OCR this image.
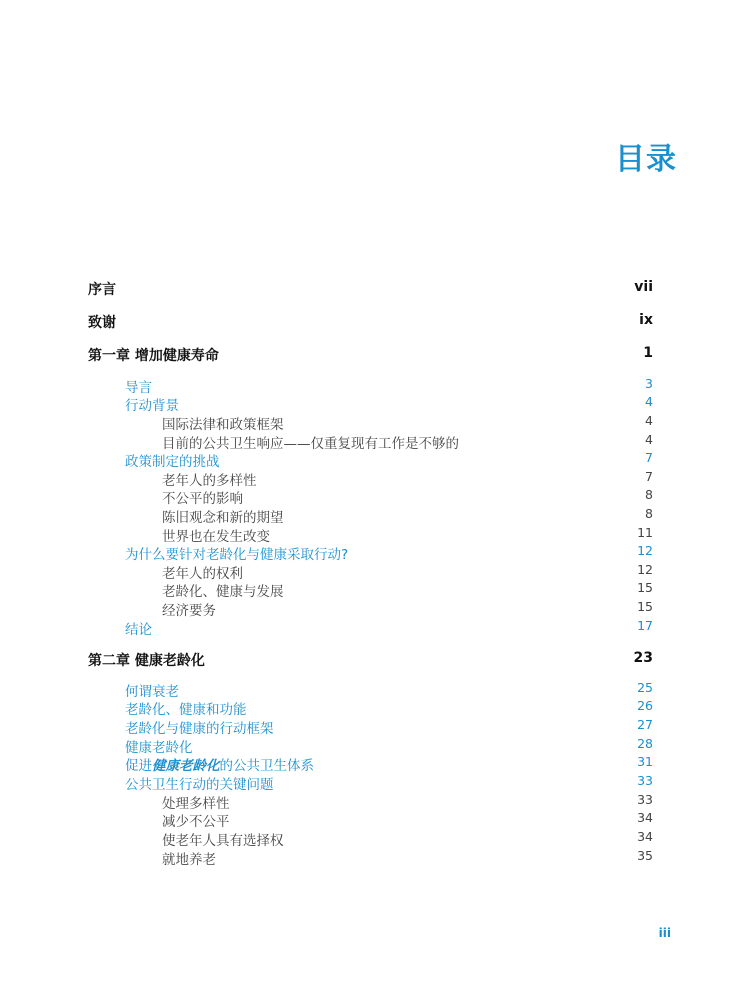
目录
序言	vii
致谢	ix
第一章 增加健康寿命	1
导言	3
行动背景	4
国际法律和政策框架	4
目前的公共卫生响应——仅重复现有工作是不够的	4
政策制定的挑战	7
老年人的多样性	7
不公平的影响	8
陈旧观念和新的期望	8
世界也在发生改变	11
为什么要针对老龄化与健康采取行动?	12
老年人的权利	12
老龄化、健康与发展	15
经济要务	15
结论	17
第二章 健康老龄化	23
何谓衰老	25
老龄化、健康和功能	26
老龄化与健康的行动框架	27
健康老龄化	28
促进健康老龄化的公共卫生体系	31
公共卫生行动的关键问题	33
处理多样性	33
减少不公平	34
使老年人具有选择权	34
就地养老	35
iii
